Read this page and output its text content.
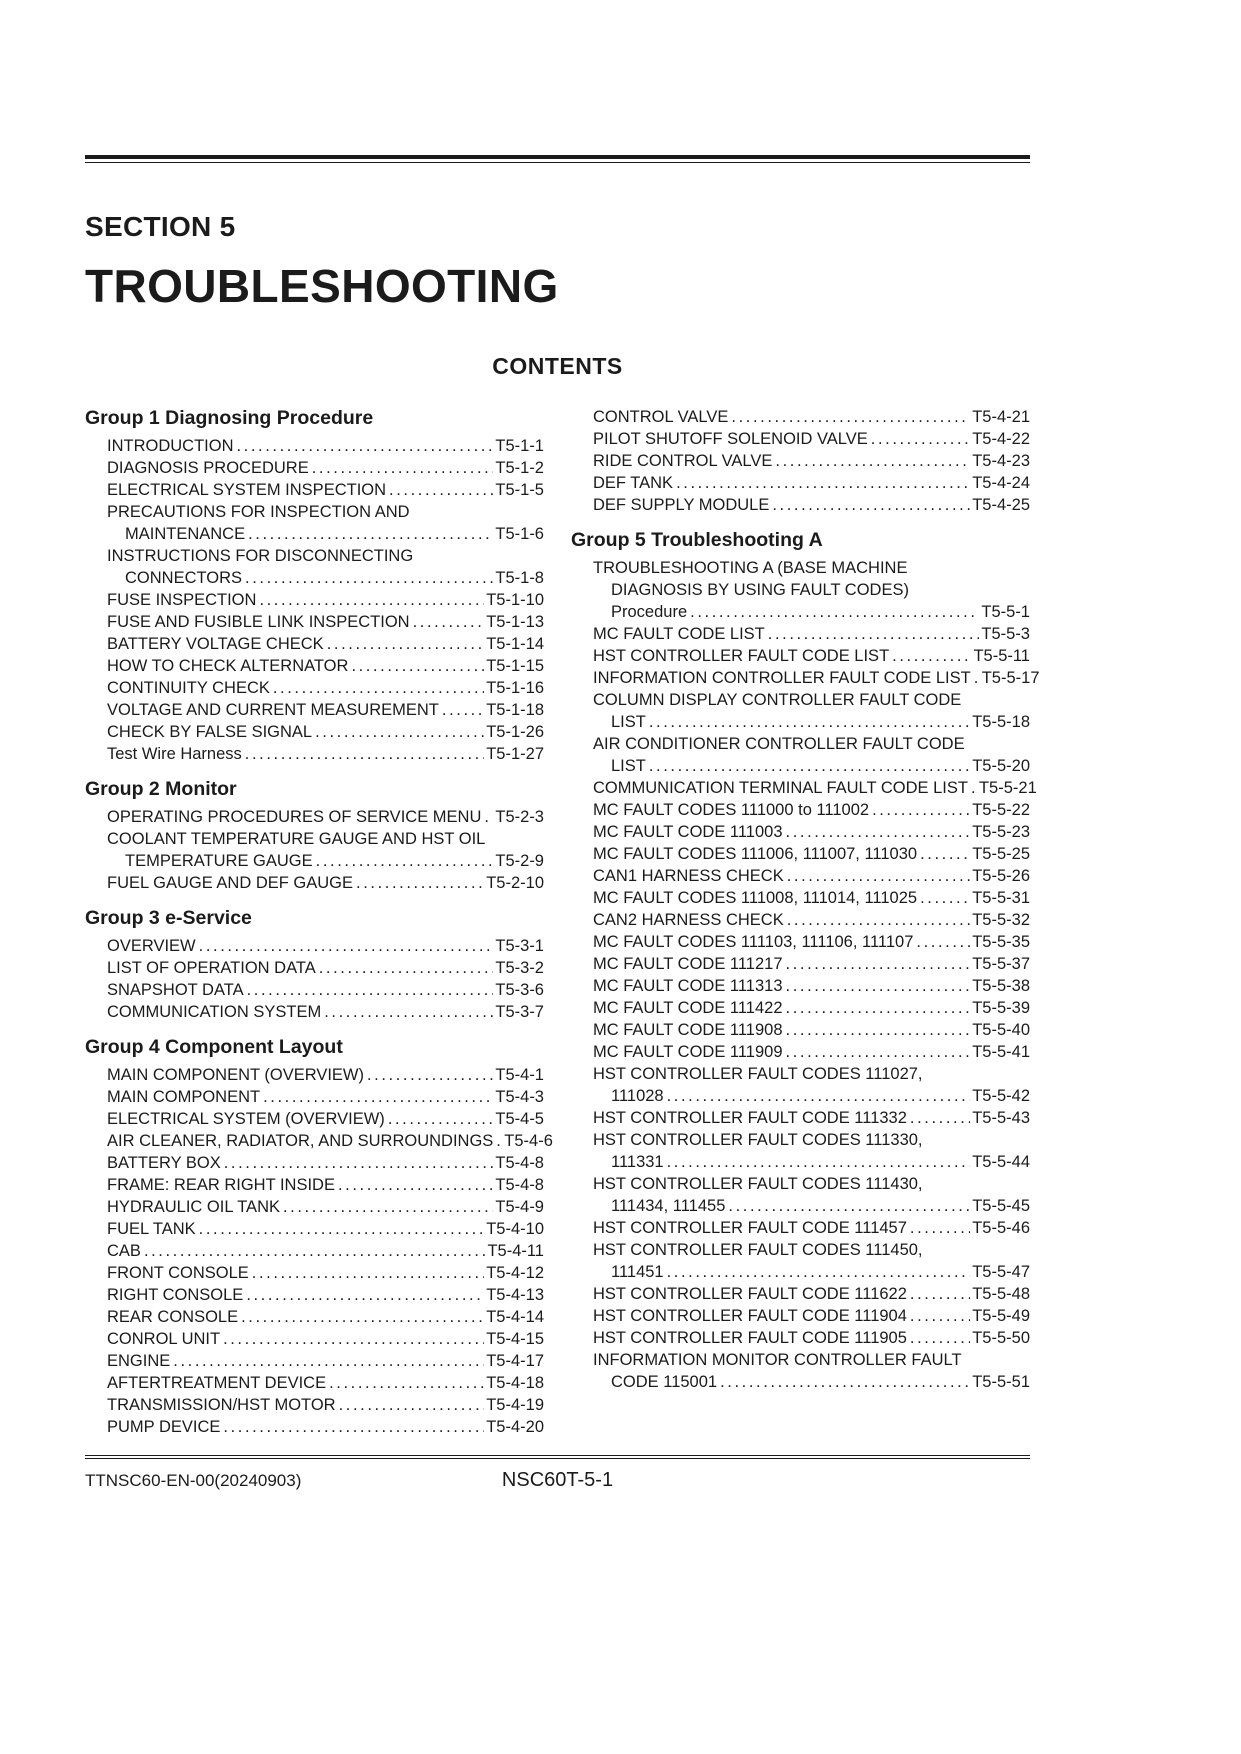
SECTION 5
TROUBLESHOOTING
CONTENTS
Group 1 Diagnosing Procedure
INTRODUCTION .....	T5-1-1
DIAGNOSIS PROCEDURE .....	T5-1-2
ELECTRICAL SYSTEM INSPECTION .....	T5-1-5
PRECAUTIONS FOR INSPECTION AND
MAINTENANCE .....	T5-1-6
INSTRUCTIONS FOR DISCONNECTING
CONNECTORS .....	T5-1-8
FUSE INSPECTION .....	T5-1-10
FUSE AND FUSIBLE LINK INSPECTION .....	T5-1-13
BATTERY VOLTAGE CHECK .....	T5-1-14
HOW TO CHECK ALTERNATOR .....	T5-1-15
CONTINUITY CHECK .....	T5-1-16
VOLTAGE AND CURRENT MEASUREMENT .....	T5-1-18
CHECK BY FALSE SIGNAL .....	T5-1-26
Test Wire Harness .....	T5-1-27
Group 2 Monitor
OPERATING PROCEDURES OF SERVICE MENU ..... T5-2-3
COOLANT TEMPERATURE GAUGE AND HST OIL
TEMPERATURE GAUGE .....	T5-2-9
FUEL GAUGE AND DEF GAUGE .....	T5-2-10
Group 3 e-Service
OVERVIEW .....	T5-3-1
LIST OF OPERATION DATA .....	T5-3-2
SNAPSHOT DATA .....	T5-3-6
COMMUNICATION SYSTEM .....	T5-3-7
Group 4 Component Layout
MAIN COMPONENT (OVERVIEW) .....	T5-4-1
MAIN COMPONENT .....	T5-4-3
ELECTRICAL SYSTEM (OVERVIEW) .....	T5-4-5
AIR CLEANER, RADIATOR, AND SURROUNDINGS ..... T5-4-6
BATTERY BOX .....	T5-4-8
FRAME: REAR RIGHT INSIDE .....	T5-4-8
HYDRAULIC OIL TANK .....	T5-4-9
FUEL TANK .....	T5-4-10
CAB .....	T5-4-11
FRONT CONSOLE .....	T5-4-12
RIGHT CONSOLE .....	T5-4-13
REAR CONSOLE .....	T5-4-14
CONROL UNIT .....	T5-4-15
ENGINE .....	T5-4-17
AFTERTREATMENT DEVICE .....	T5-4-18
TRANSMISSION/HST MOTOR .....	T5-4-19
PUMP DEVICE .....	T5-4-20
CONTROL VALVE .....	T5-4-21
PILOT SHUTOFF SOLENOID VALVE .....	T5-4-22
RIDE CONTROL VALVE .....	T5-4-23
DEF TANK .....	T5-4-24
DEF SUPPLY MODULE .....	T5-4-25
Group 5 Troubleshooting A
TROUBLESHOOTING A (BASE MACHINE
DIAGNOSIS BY USING FAULT CODES)
Procedure .....	T5-5-1
MC FAULT CODE LIST .....	T5-5-3
HST CONTROLLER FAULT CODE LIST .....	T5-5-11
INFORMATION CONTROLLER FAULT CODE LIST ..... T5-5-17
COLUMN DISPLAY CONTROLLER FAULT CODE
LIST .....	T5-5-18
AIR CONDITIONER CONTROLLER FAULT CODE
LIST .....	T5-5-20
COMMUNICATION TERMINAL FAULT CODE LIST ..... T5-5-21
MC FAULT CODES 111000 to 111002 .....	T5-5-22
MC FAULT CODE 111003 .....	T5-5-23
MC FAULT CODES 111006, 111007, 111030 .....	T5-5-25
CAN1 HARNESS CHECK .....	T5-5-26
MC FAULT CODES 111008, 111014, 111025 .....	T5-5-31
CAN2 HARNESS CHECK .....	T5-5-32
MC FAULT CODES 111103, 111106, 111107 .....	T5-5-35
MC FAULT CODE 111217 .....	T5-5-37
MC FAULT CODE 111313 .....	T5-5-38
MC FAULT CODE 111422 .....	T5-5-39
MC FAULT CODE 111908 .....	T5-5-40
MC FAULT CODE 111909 .....	T5-5-41
HST CONTROLLER FAULT CODES 111027,
111028 .....	T5-5-42
HST CONTROLLER FAULT CODE 111332 .....	T5-5-43
HST CONTROLLER FAULT CODES 111330,
111331 .....	T5-5-44
HST CONTROLLER FAULT CODES 111430,
111434, 111455 .....	T5-5-45
HST CONTROLLER FAULT CODE 111457 .....	T5-5-46
HST CONTROLLER FAULT CODES 111450,
111451 .....	T5-5-47
HST CONTROLLER FAULT CODE 111622 .....	T5-5-48
HST CONTROLLER FAULT CODE 111904 .....	T5-5-49
HST CONTROLLER FAULT CODE 111905 .....	T5-5-50
INFORMATION MONITOR CONTROLLER FAULT
CODE 115001 .....	T5-5-51
TTNSC60-EN-00(20240903)	NSC60T-5-1
